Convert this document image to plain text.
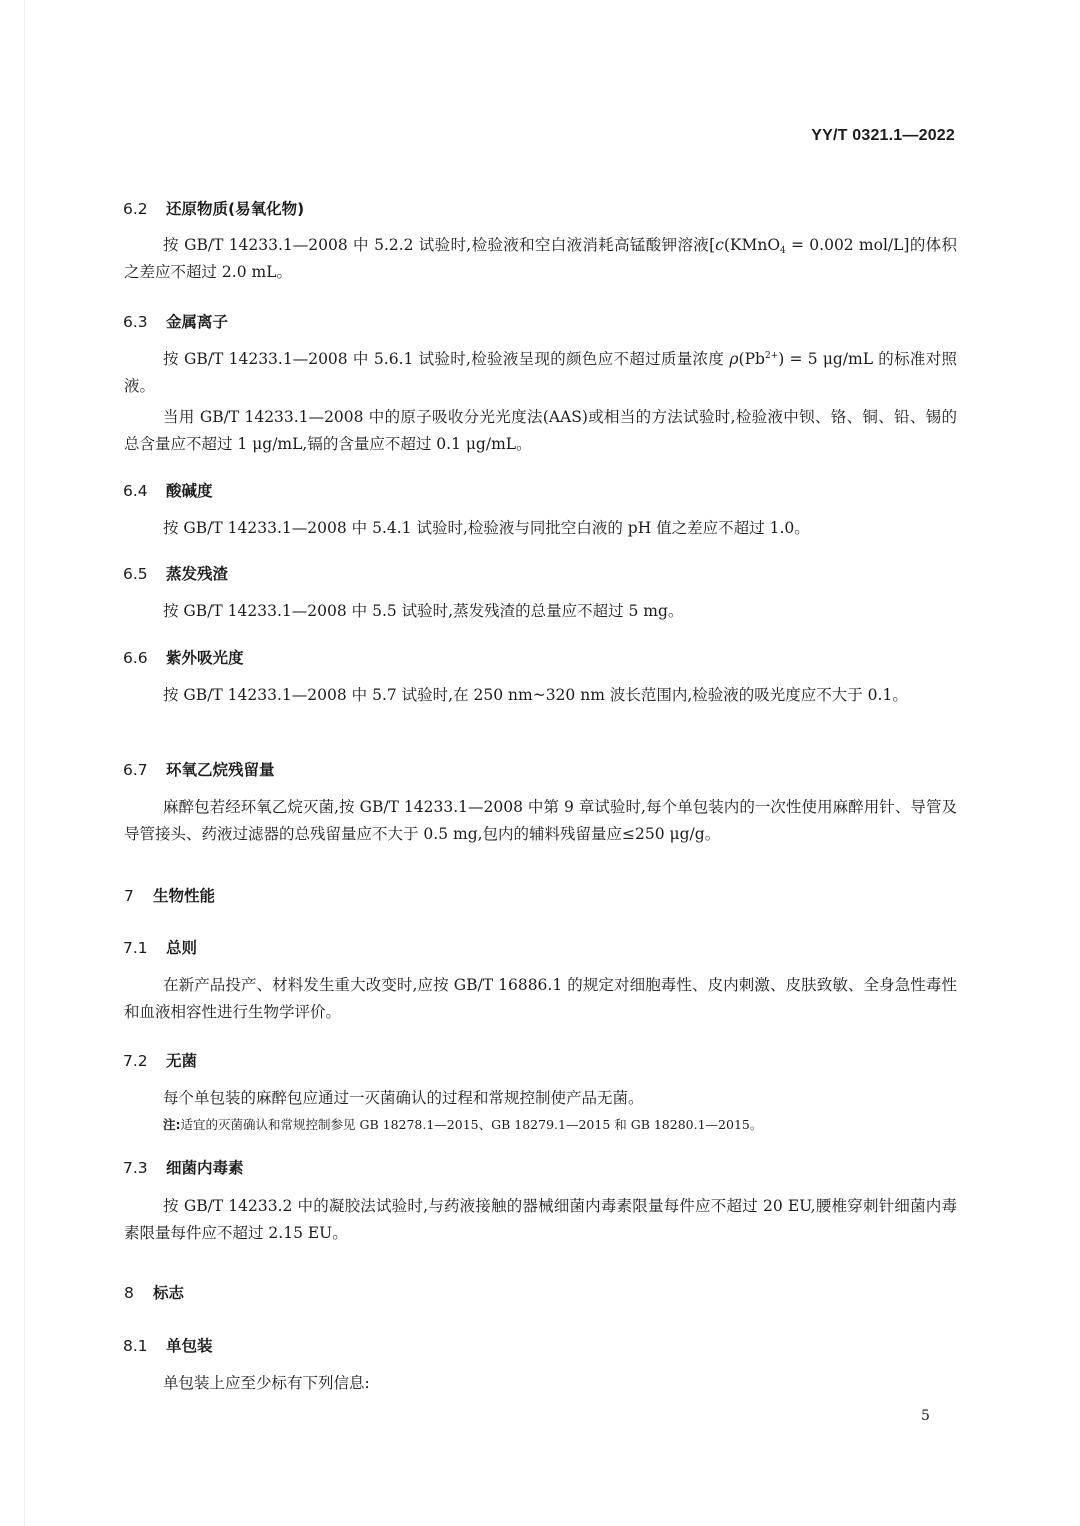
YY/T 0321.1—2022
6.2 还原物质(易氧化物)

按 GB/T 14233.1—2008 中 5.2.2 试验时,检验液和空白液消耗高锰酸钾溶液[c(KMnO$_4$ = 0.002 mol/L]的体积之差应不超过 2.0 mL。

6.3 金属离子

按 GB/T 14233.1—2008 中 5.6.1 试验时,检验液呈现的颜色应不超过质量浓度 $\rho(Pb^{2+}) = 5$ μg/mL 的标准对照液。

当用 GB/T 14233.1—2008 中的原子吸收分光光度法(AAS)或相当的方法试验时,检验液中钡、铬、铜、铅、锡的总含量应不超过 1 μg/mL,镉的含量应不超过 0.1 μg/mL。

6.4 酸碱度

按 GB/T 14233.1—2008 中 5.4.1 试验时,检验液与同批空白液的 pH 值之差应不超过 1.0。

6.5 蒸发残渣

按 GB/T 14233.1—2008 中 5.5 试验时,蒸发残渣的总量应不超过 5 mg。

6.6 紫外吸光度

按 GB/T 14233.1—2008 中 5.7 试验时,在 250 nm~320 nm 波长范围内,检验液的吸光度应不大于 0.1。

6.7 环氧乙烷残留量

麻醉包若经环氧乙烷灭菌,按 GB/T 14233.1—2008 中第 9 章试验时,每个单包装内的一次性使用麻醉用针、导管及导管接头、药液过滤器的总残留量应不大于 0.5 mg,包内的辅料残留量应≤250 μg/g。

7 生物性能
7.1 总则

在新产品投产、材料发生重大改变时,应按 GB/T 16886.1 的规定对细胞毒性、皮内刺激、皮肤致敏、全身急性毒性和血液相容性进行生物学评价。

7.2 无菌

每个单包装的麻醉包应通过一灭菌确认的过程和常规控制使产品无菌。

注:适宜的灭菌确认和常规控制参见 GB 18278.1—2015、GB 18279.1—2015 和 GB 18280.1—2015。
7.3 细菌内毒素

按 GB/T 14233.2 中的凝胶法试验时,与药液接触的器械细菌内毒素限量每件应不超过 20 EU,腰椎穿刺针细菌内毒素限量每件应不超过 2.15 EU。

8 标志
8.1 单包装

单包装上应至少标有下列信息:

5
